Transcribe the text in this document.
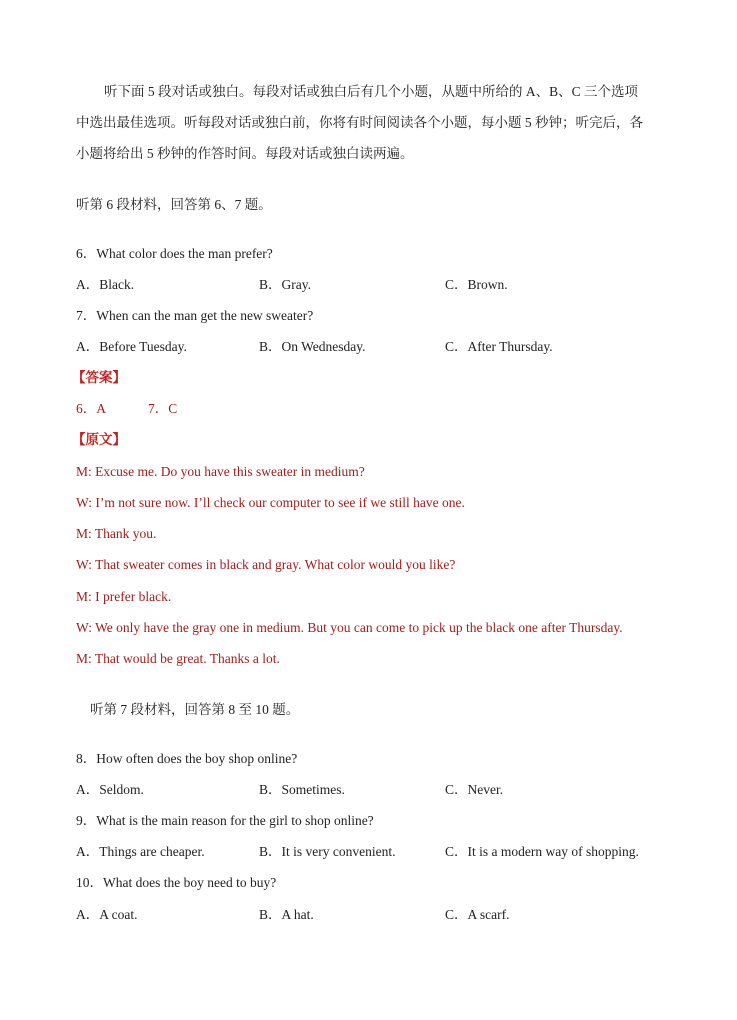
听下面 5 段对话或独白。每段对话或独白后有几个小题，从题中所给的 A、B、C 三个选项
中选出最佳选项。听每段对话或独白前，你将有时间阅读各个小题，每小题 5 秒钟；听完后，各
小题将给出 5 秒钟的作答时间。每段对话或独白读两遍。
听第 6 段材料，回答第 6、7 题。
6．What color does the man prefer?
A．Black.	B．Gray.	C．Brown.
7．When can the man get the new sweater?
A．Before Tuesday.	B．On Wednesday.	C．After Thursday.
【答案】
6．A	7．C
【原文】
M: Excuse me. Do you have this sweater in medium?
W: I’m not sure now. I’ll check our computer to see if we still have one.
M: Thank you.
W: That sweater comes in black and gray. What color would you like?
M: I prefer black.
W: We only have the gray one in medium. But you can come to pick up the black one after Thursday.
M: That would be great. Thanks a lot.
听第 7 段材料，回答第 8 至 10 题。
8．How often does the boy shop online?
A．Seldom.	B．Sometimes.	C．Never.
9．What is the main reason for the girl to shop online?
A．Things are cheaper.	B．It is very convenient.	C．It is a modern way of shopping.
10．What does the boy need to buy?
A．A coat.	B．A hat.	C．A scarf.
